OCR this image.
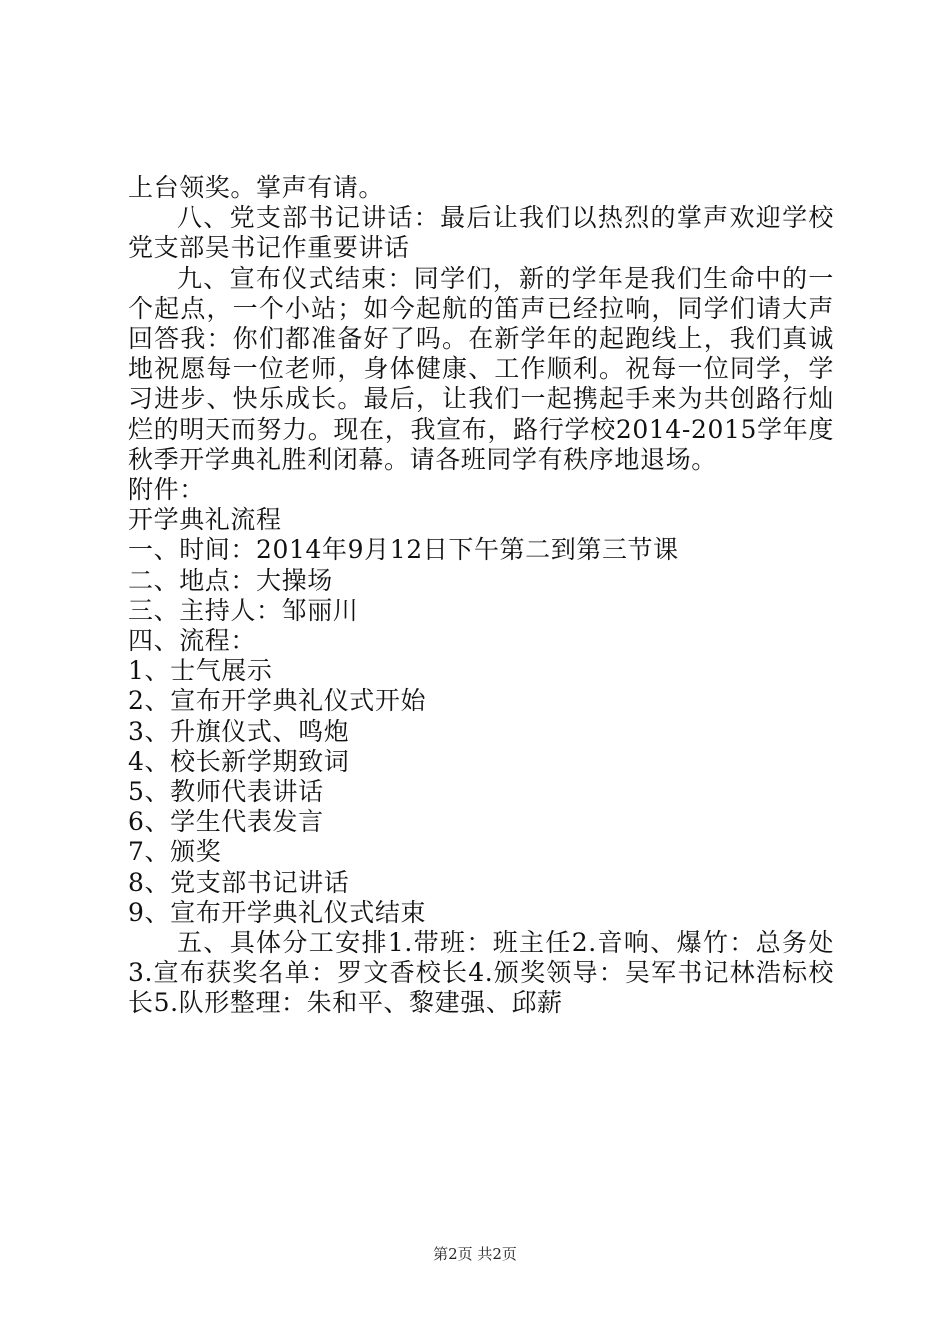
上台领奖。掌声有请。

八、党支部书记讲话：最后让我们以热烈的掌声欢迎学校党支部吴书记作重要讲话

九、宣布仪式结束：同学们，新的学年是我们生命中的一个起点，一个小站；如今起航的笛声已经拉响，同学们请大声回答我：你们都准备好了吗。在新学年的起跑线上，我们真诚地祝愿每一位老师，身体健康、工作顺利。祝每一位同学，学习进步、快乐成长。最后，让我们一起携起手来为共创路行灿烂的明天而努力。现在，我宣布，路行学校2014-2015学年度秋季开学典礼胜利闭幕。请各班同学有秩序地退场。

附件：

开学典礼流程

一、时间：2014年9月12日下午第二到第三节课

二、地点：大操场

三、主持人：邹丽川

四、流程：

1、士气展示

2、宣布开学典礼仪式开始

3、升旗仪式、鸣炮

4、校长新学期致词

5、教师代表讲话

6、学生代表发言

7、颁奖

8、党支部书记讲话

9、宣布开学典礼仪式结束

五、具体分工安排1.带班：班主任2.音响、爆竹：总务处3.宣布获奖名单：罗文香校长4.颁奖领导：吴军书记林浩标校长5.队形整理：朱和平、黎建强、邱薪

第2页 共2页
